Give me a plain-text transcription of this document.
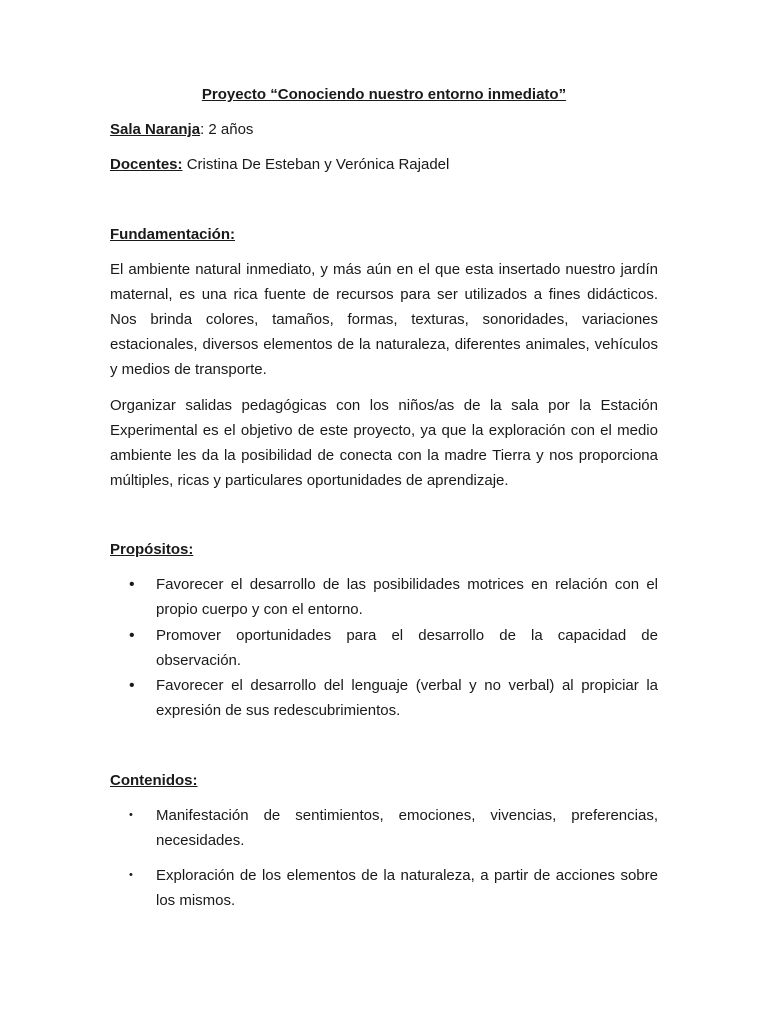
Proyecto “Conociendo nuestro entorno inmediato”
Sala Naranja: 2 años
Docentes: Cristina De Esteban y Verónica Rajadel
Fundamentación:

El ambiente natural inmediato, y más aún en el que esta insertado nuestro jardín maternal, es una rica fuente de recursos para ser utilizados a fines didácticos. Nos brinda colores, tamaños, formas, texturas, sonoridades, variaciones estacionales, diversos elementos de la naturaleza, diferentes animales, vehículos y medios de transporte.

Organizar salidas pedagógicas con los niños/as de la sala por la Estación Experimental es el objetivo de este proyecto, ya que la exploración con el medio ambiente les da la posibilidad de conecta con la madre Tierra y nos proporciona múltiples, ricas y particulares oportunidades de aprendizaje.

Propósitos:
• Favorecer el desarrollo de las posibilidades motrices en relación con el propio cuerpo y con el entorno.
• Promover oportunidades para el desarrollo de la capacidad de observación.
• Favorecer el desarrollo del lenguaje (verbal y no verbal) al propiciar la expresión de sus redescubrimientos.
Contenidos:
• Manifestación de sentimientos, emociones, vivencias, preferencias, necesidades.
• Exploración de los elementos de la naturaleza, a partir de acciones sobre los mismos.
